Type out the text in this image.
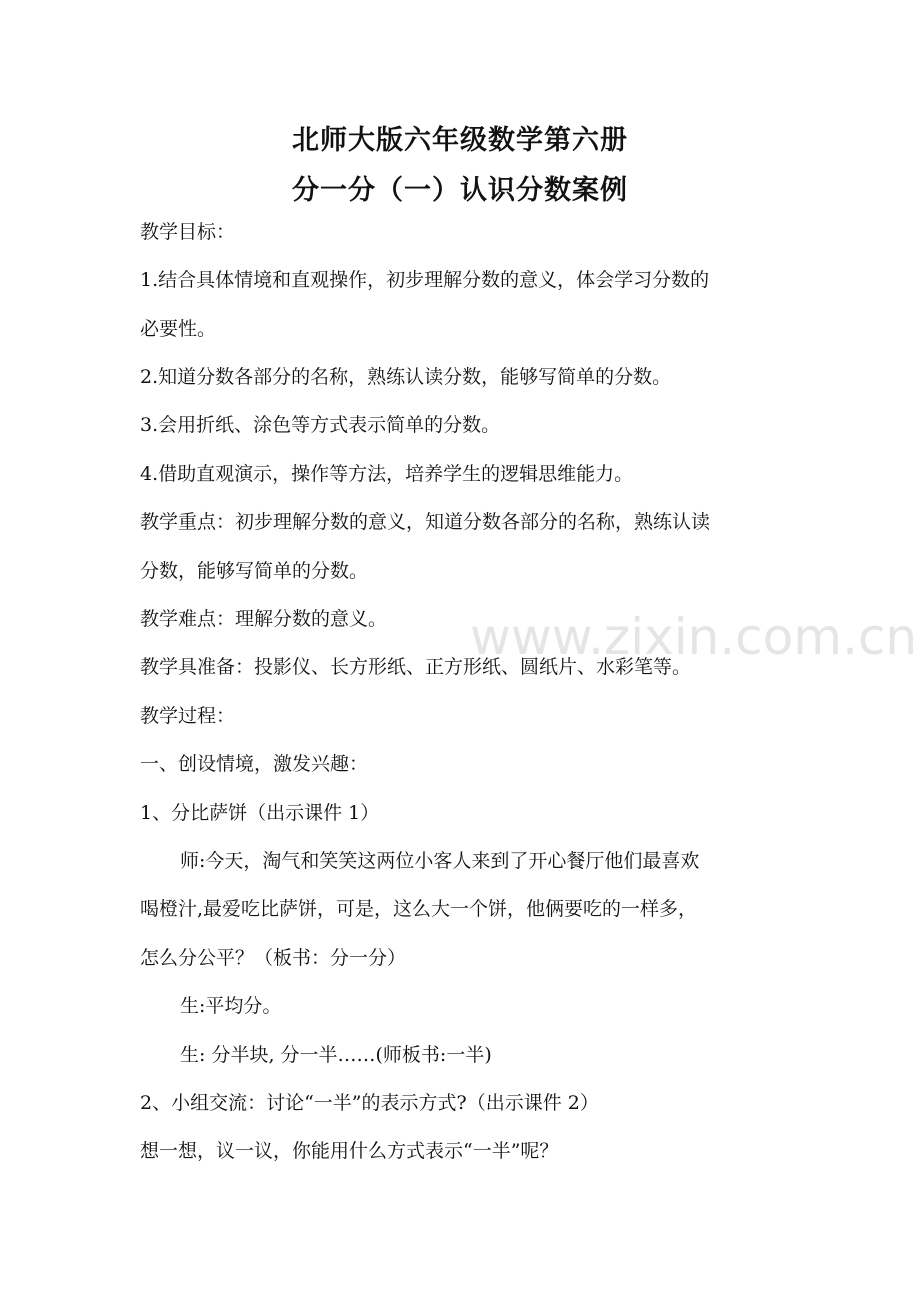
北师大版六年级数学第六册
分一分（一）认识分数案例
教学目标：
1.结合具体情境和直观操作，初步理解分数的意义，体会学习分数的
必要性。
2.知道分数各部分的名称，熟练认读分数，能够写简单的分数。
3.会用折纸、涂色等方式表示简单的分数。
4.借助直观演示，操作等方法，培养学生的逻辑思维能力。
教学重点：初步理解分数的意义，知道分数各部分的名称，熟练认读
分数，能够写简单的分数。
教学难点：理解分数的意义。
教学具准备：投影仪、长方形纸、正方形纸、圆纸片、水彩笔等。
教学过程：
一、创设情境，激发兴趣：
1、分比萨饼（出示课件 1）
师:今天，淘气和笑笑这两位小客人来到了开心餐厅他们最喜欢
喝橙汁,最爱吃比萨饼，可是，这么大一个饼，他俩要吃的一样多，
怎么分公平？（板书：分一分）
生:平均分。
生: 分半块, 分一半……(师板书:一半)
2、小组交流：讨论“一半”的表示方式?（出示课件 2）
想一想，议一议，你能用什么方式表示“一半”呢？
www.zixin.com.cn
